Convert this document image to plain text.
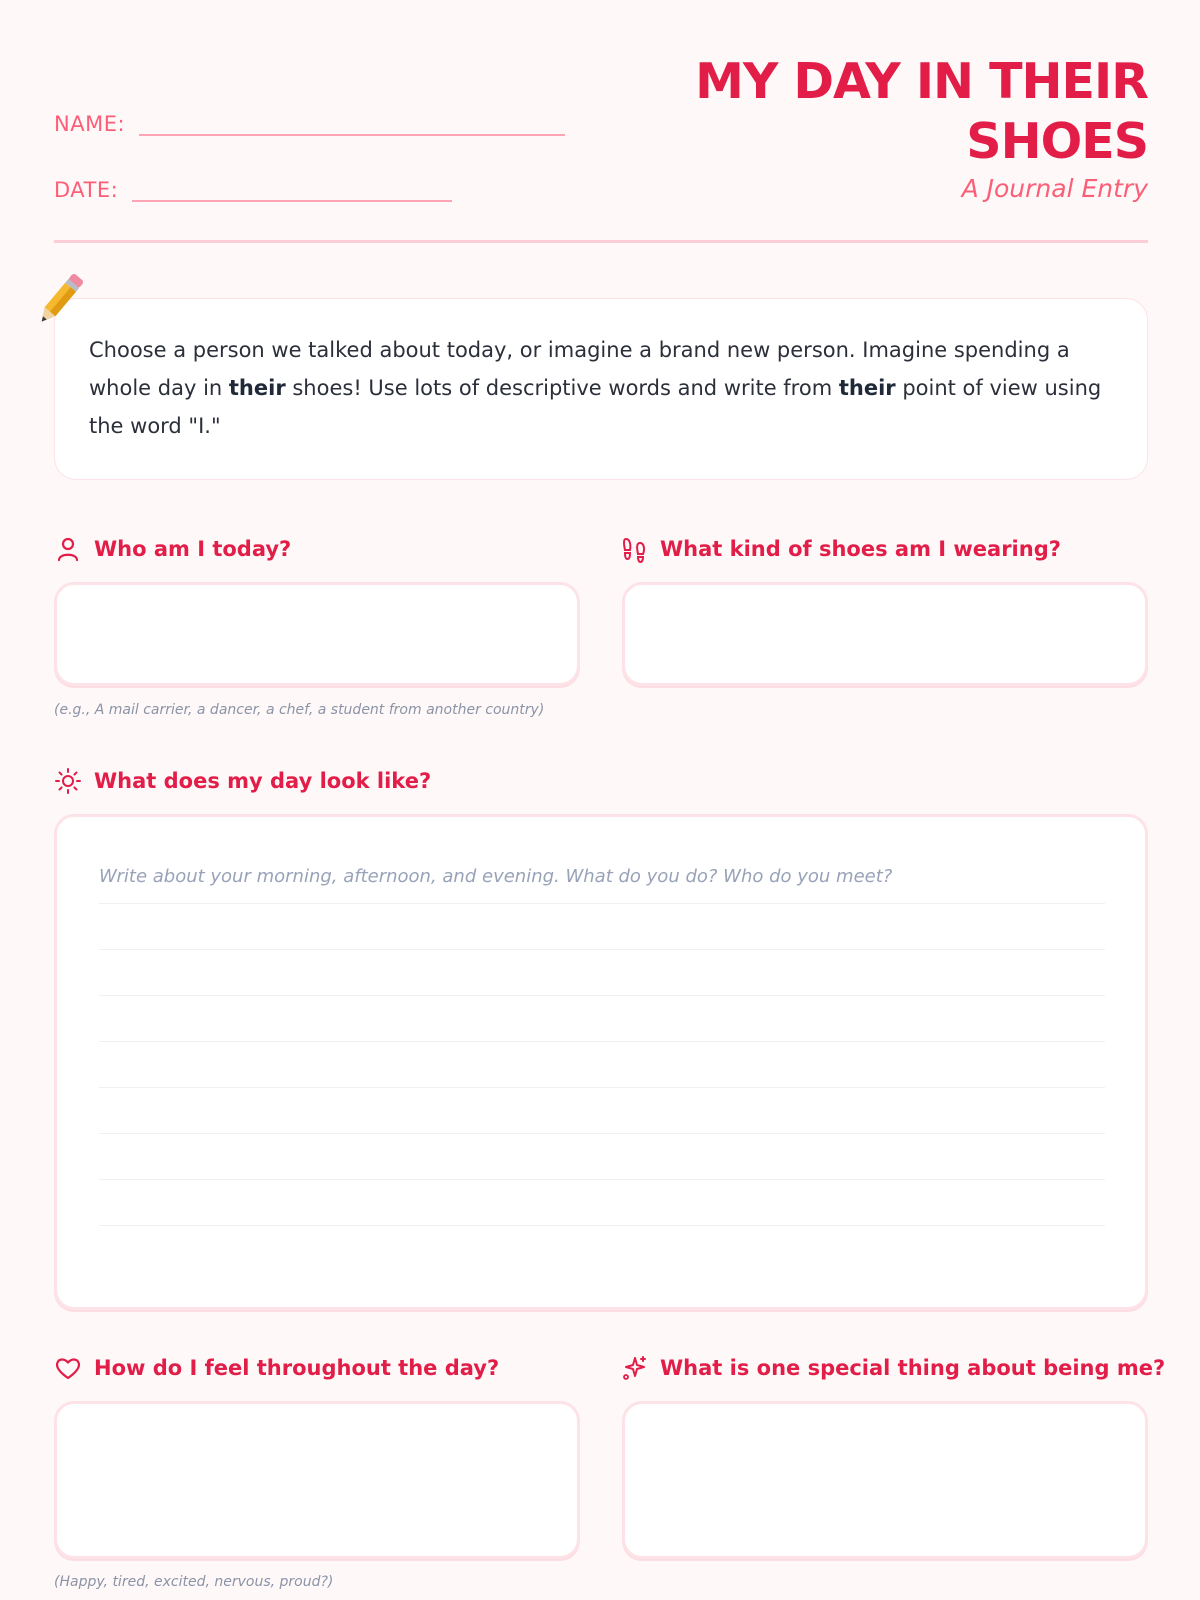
NAME:
DATE:
MY DAY IN THEIR
SHOES
A Journal Entry
Choose a person we talked about today, or imagine a brand new person. Imagine spending a whole day in their shoes! Use lots of descriptive words and write from their point of view using the word "I."
Who am I today?
(e.g., A mail carrier, a dancer, a chef, a student from another country)
What kind of shoes am I wearing?
What does my day look like?
Write about your morning, afternoon, and evening. What do you do? Who do you meet?
How do I feel throughout the day?
(Happy, tired, excited, nervous, proud?)
What is one special thing about being me?
